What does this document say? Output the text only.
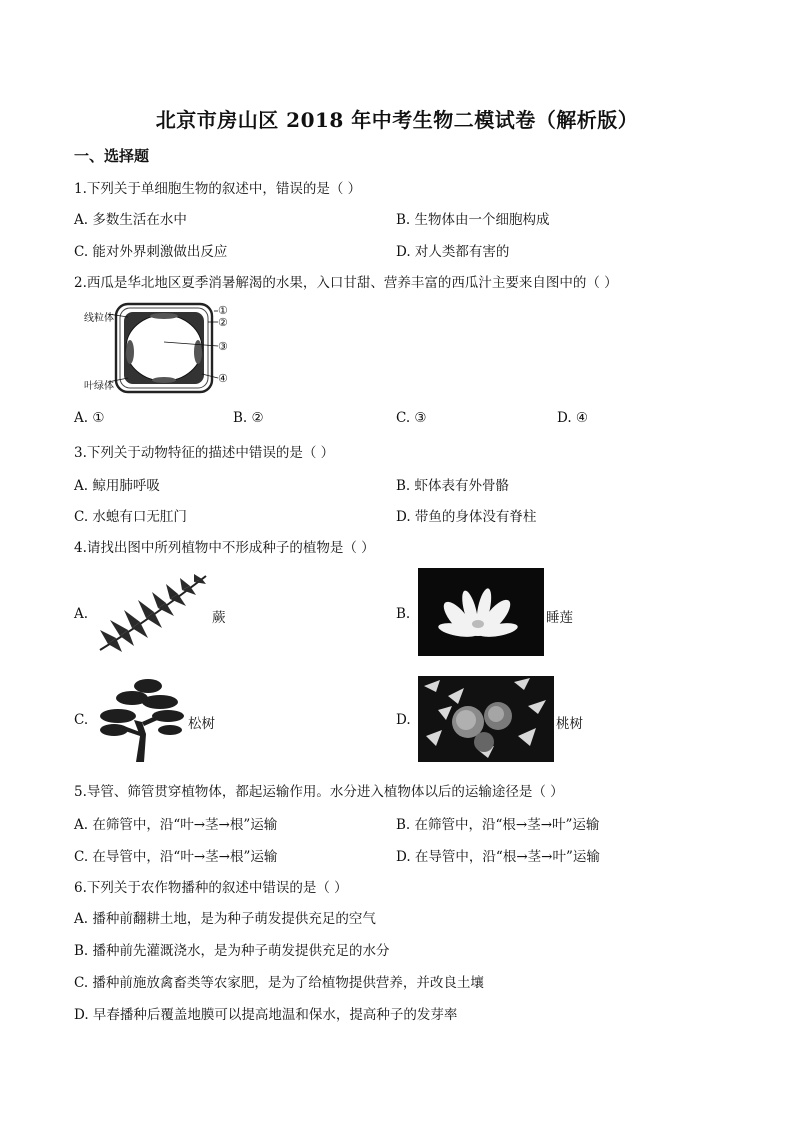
北京市房山区 2018 年中考生物二模试卷（解析版）
一、选择题
1.下列关于单细胞生物的叙述中，错误的是（ ）
A. 多数生活在水中	B. 生物体由一个细胞构成
C. 能对外界刺激做出反应	D. 对人类都有害的
2.西瓜是华北地区夏季消暑解渴的水果，入口甘甜、营养丰富的西瓜汁主要来自图中的（ ）
线粒体
叶绿体
①
②
③
④
A. ①	B. ②	C. ③	D. ④
3.下列关于动物特征的描述中错误的是（ ）
A. 鲸用肺呼吸	B. 虾体表有外骨骼
C. 水螅有口无肛门	D. 带鱼的身体没有脊柱
4.请找出图中所列植物中不形成种子的植物是（ ）
A.	蕨	B.	睡莲
C.	松树	D.	桃树
5.导管、筛管贯穿植物体，都起运输作用。水分进入植物体以后的运输途径是（ ）
A. 在筛管中，沿“叶→茎→根”运输	B. 在筛管中，沿“根→茎→叶”运输
C. 在导管中，沿“叶→茎→根”运输	D. 在导管中，沿“根→茎→叶”运输
6.下列关于农作物播种的叙述中错误的是（ ）
A. 播种前翻耕土地，是为种子萌发提供充足的空气
B. 播种前先灌溉浇水，是为种子萌发提供充足的水分
C. 播种前施放禽畜类等农家肥，是为了给植物提供营养，并改良土壤
D. 早春播种后覆盖地膜可以提高地温和保水，提高种子的发芽率
